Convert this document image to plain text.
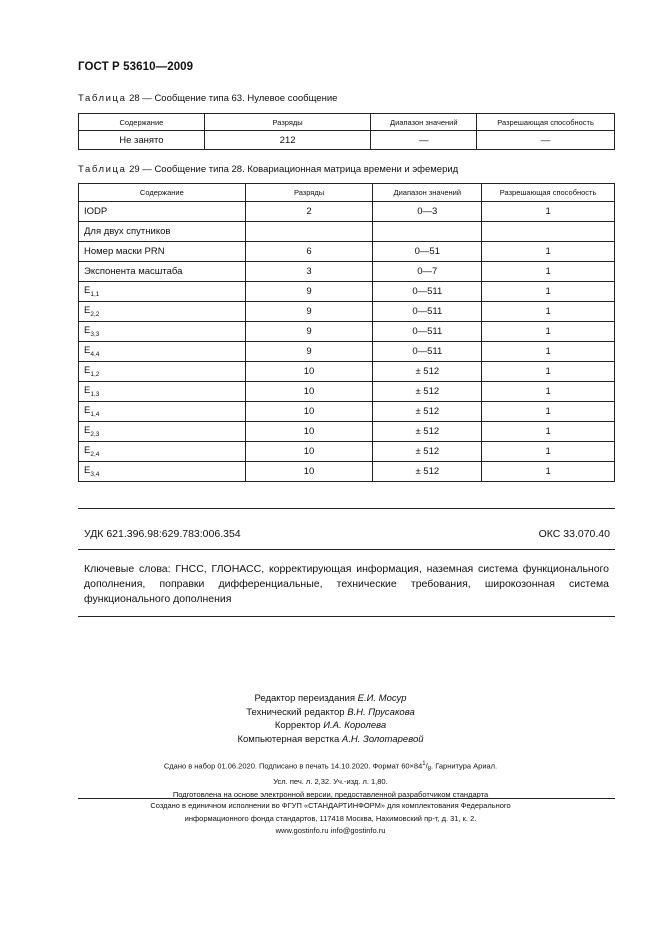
ГОСТ Р 53610—2009
Таблица 28 — Сообщение типа 63. Нулевое сообщение
Содержание	Разряды	Диапазон значений	Разрешающая способность
Не занято	212	—	—
Таблица 29 — Сообщение типа 28. Ковариационная матрица времени и эфемерид
Содержание	Разряды	Диапазон значений	Разрешающая способность
IODP	2	0—3	1
Для двух спутников			
Номер маски PRN	6	0—51	1
Экспонента масштаба	3	0—7	1
$E_{1,1}$	9	0—511	1
$E_{2,2}$	9	0—511	1
$E_{3,3}$	9	0—511	1
$E_{4,4}$	9	0—511	1
$E_{1,2}$	10	± 512	1
$E_{1,3}$	10	± 512	1
$E_{1,4}$	10	± 512	1
$E_{2,3}$	10	± 512	1
$E_{2,4}$	10	± 512	1
$E_{3,4}$	10	± 512	1
УДК 621.396.98:629.783:006.354	ОКС 33.070.40
Ключевые слова: ГНСС, ГЛОНАСС, корректирующая информация, наземная система функционального дополнения, поправки дифференциальные, технические требования, широкозонная система функционального дополнения
Редактор переиздания Е.И. Мосур
Технический редактор В.Н. Прусакова
Корректор И.А. Королева
Компьютерная верстка А.Н. Золотаревой
Сдано в набор 01.06.2020. Подписано в печать 14.10.2020. Формат $60\times 84^1/_8$. Гарнитура Ариал.
Усл. печ. л. 2,32. Уч.-изд. л. 1,80.
Подготовлена на основе электронной версии, предоставленной разработчиком стандарта
Создано в единичном исполнении во ФГУП «СТАНДАРТИНФОРМ» для комплектования Федерального
информационного фонда стандартов, 117418 Москва, Нахимовский пр-т, д. 31, к. 2.
www.gostinfo.ru info@gostinfo.ru
